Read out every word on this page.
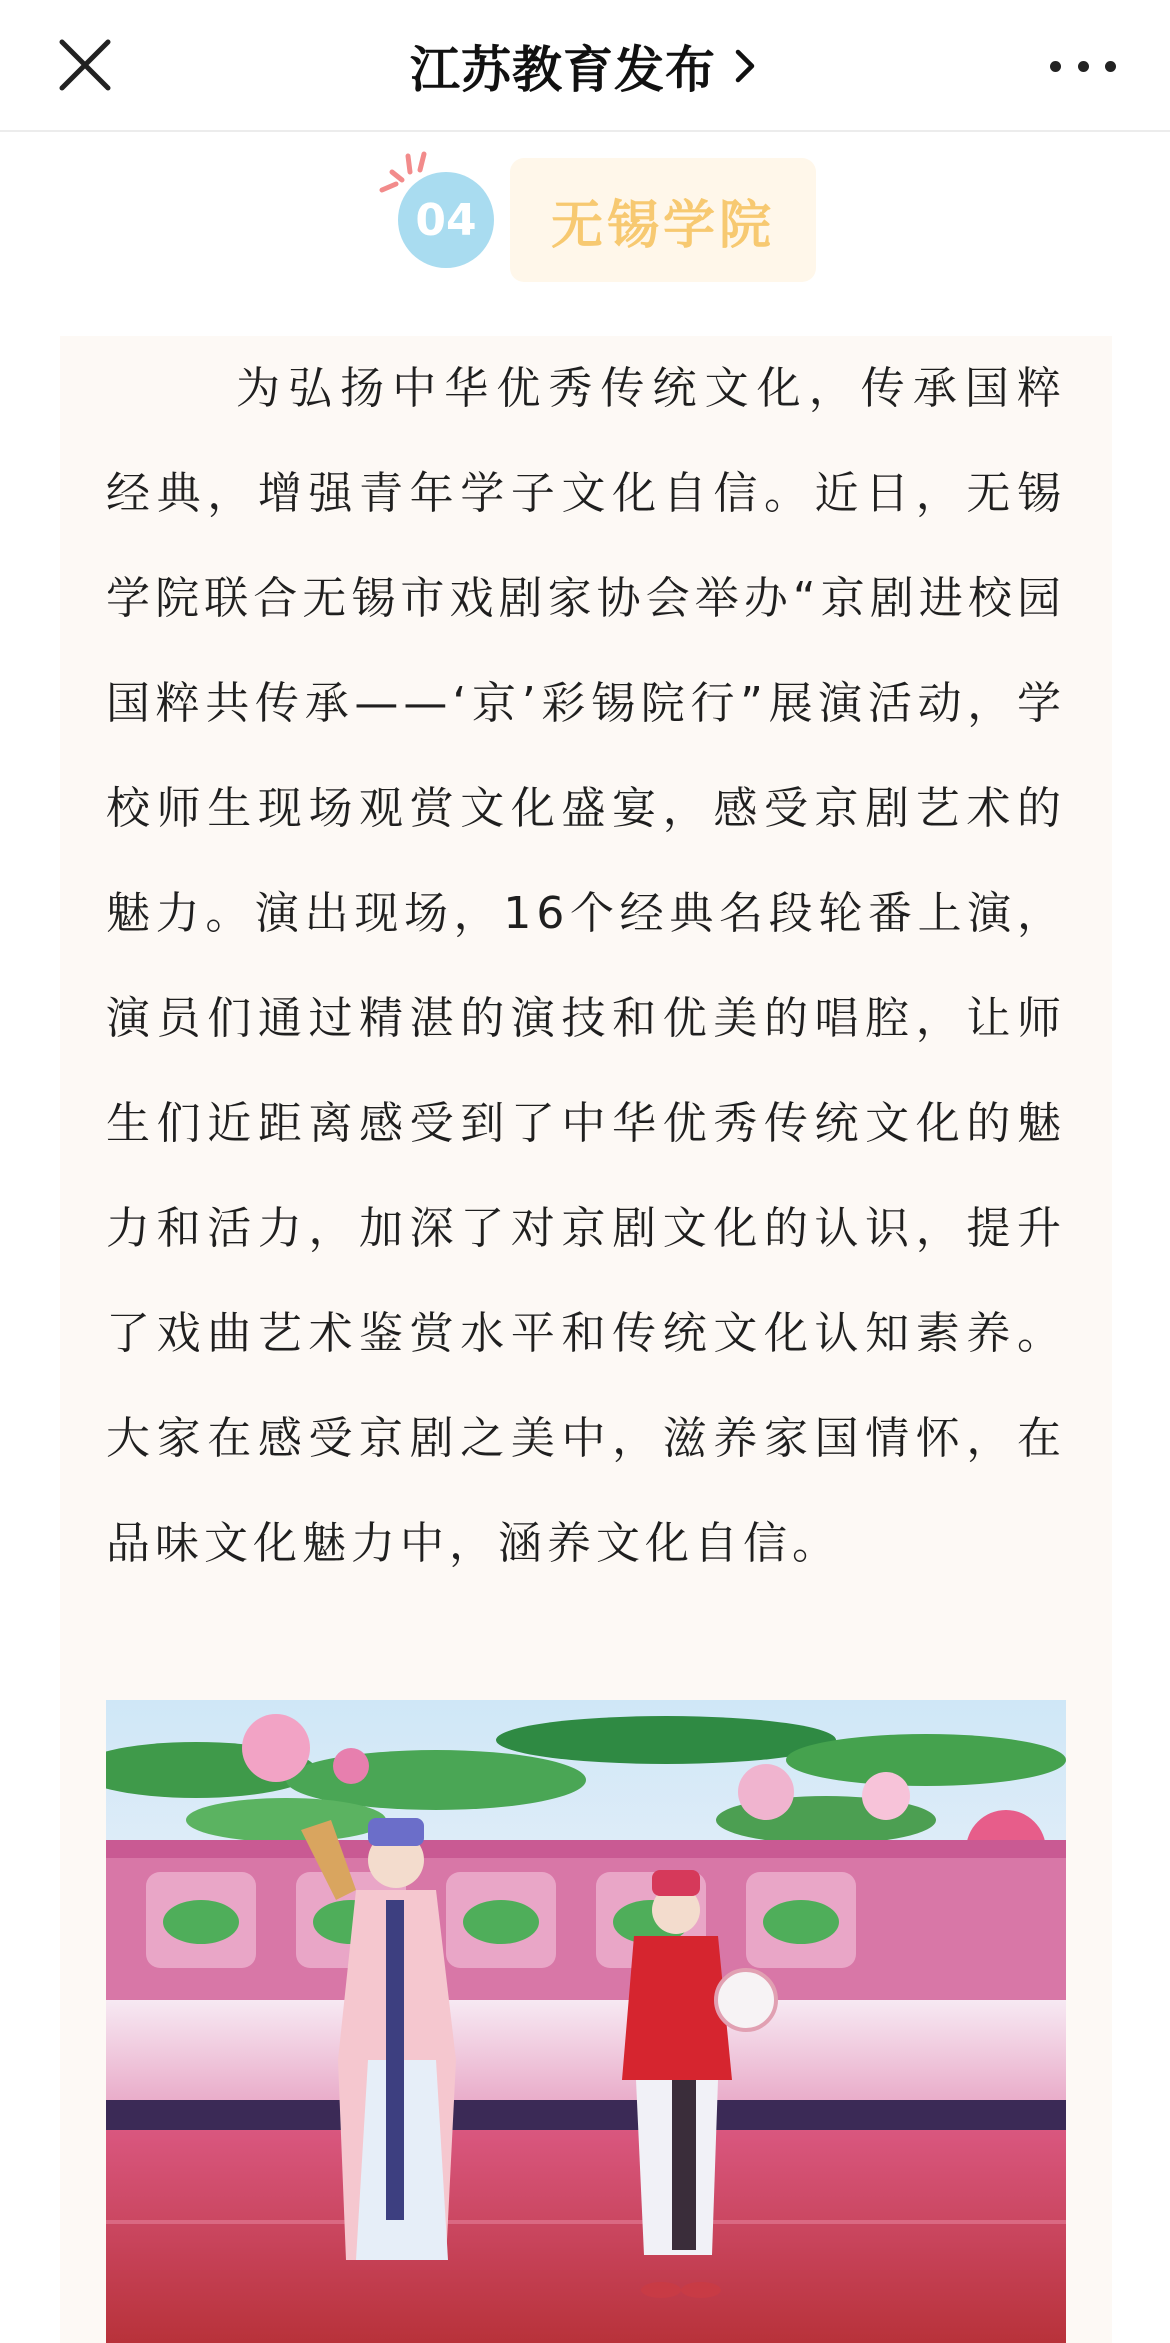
江苏教育发布
04	无锡学院

为弘扬中华优秀传统文化，传承国粹经典，增强青年学子文化自信。近日，无锡学院联合无锡市戏剧家协会举办“京剧进校园 国粹共传承——‘京’彩锡院行”展演活动，学校师生现场观赏文化盛宴，感受京剧艺术的魅力。演出现场，16个经典名段轮番上演，演员们通过精湛的演技和优美的唱腔，让师生们近距离感受到了中华优秀传统文化的魅力和活力，加深了对京剧文化的认识，提升了戏曲艺术鉴赏水平和传统文化认知素养。大家在感受京剧之美中，滋养家国情怀，在品味文化魅力中，涵养文化自信。
